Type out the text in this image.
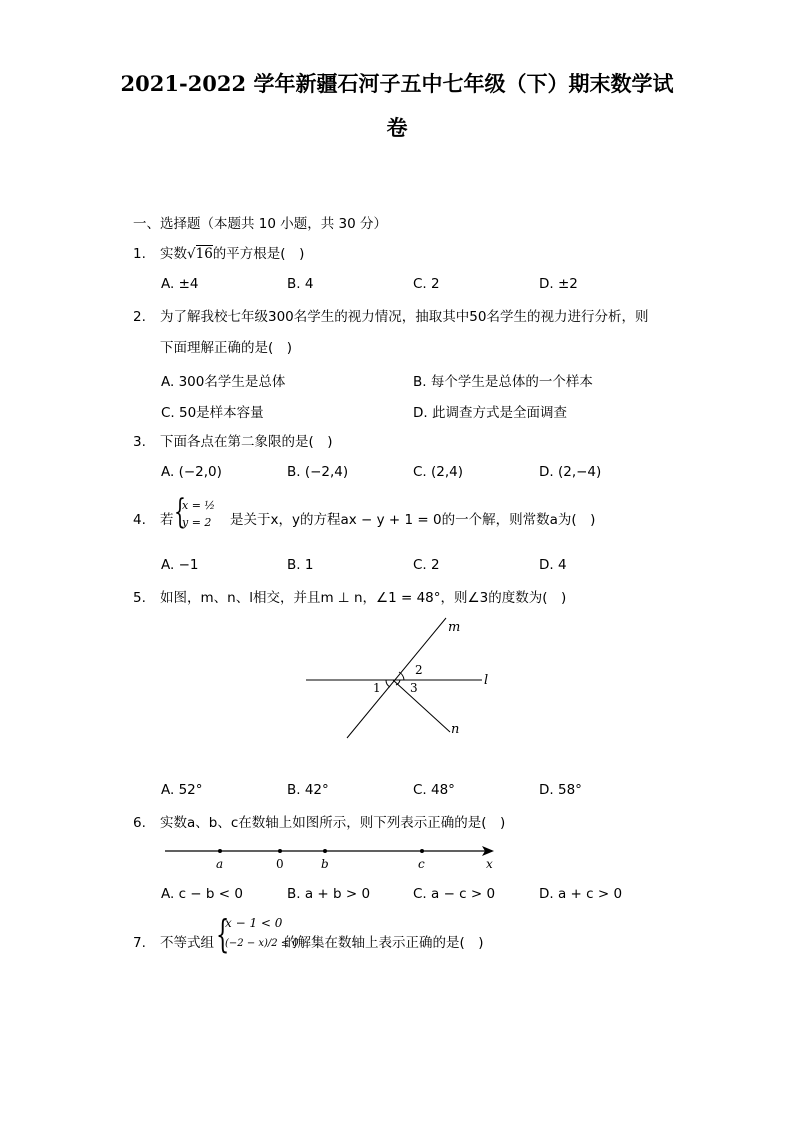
2021-2022 学年新疆石河子五中七年级（下）期末数学试
卷
一、选择题（本题共 10 小题，共 30 分）
1.	实数√16的平方根是(　)
A. ±4	B. 4	C. 2	D. ±2
2.	为了解我校七年级300名学生的视力情况，抽取其中50名学生的视力进行分析，则
下面理解正确的是(　)
A. 300名学生是总体	B. 每个学生是总体的一个样本
C. 50是样本容量	D. 此调查方式是全面调查
3.	下面各点在第二象限的是(　)
A. (−2,0)	B. (−2,4)	C. (2,4)	D. (2,−4)
4.	若 {
x = ½
y = 2 是关于x，y的方程ax − y + 1 = 0的一个解，则常数a为(　)
A. −1	B. 1	C. 2	D. 4
5.	如图，m、n、l相交，并且m ⊥ n，∠1 = 48°，则∠3的度数为(　)
m
n
l
1
2
3
A. 52°	B. 42°	C. 48°	D. 58°
6.	实数a、b、c在数轴上如图所示，则下列表示正确的是(　)
a	0	b	c	x
A. c − b < 0	B. a + b > 0	C. a − c > 0	D. a + c > 0
7.	不等式组 {
x − 1 < 0
(−2 − x)/2 ≤ 0
的解集在数轴上表示正确的是(　)
